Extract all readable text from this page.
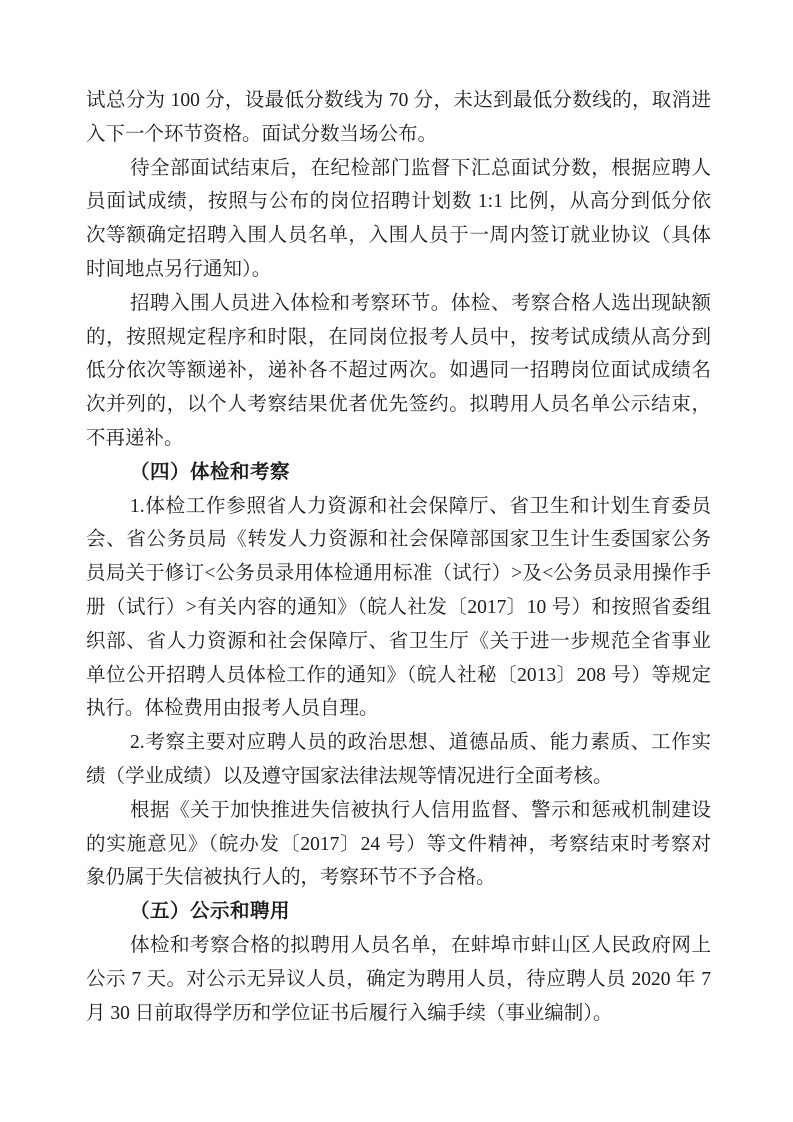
试总分为 100 分，设最低分数线为 70 分，未达到最低分数线的，取消进
入下一个环节资格。面试分数当场公布。
待全部面试结束后，在纪检部门监督下汇总面试分数，根据应聘人
员面试成绩，按照与公布的岗位招聘计划数 1:1 比例，从高分到低分依
次等额确定招聘入围人员名单，入围人员于一周内签订就业协议（具体
时间地点另行通知）。
招聘入围人员进入体检和考察环节。体检、考察合格人选出现缺额
的，按照规定程序和时限，在同岗位报考人员中，按考试成绩从高分到
低分依次等额递补，递补各不超过两次。如遇同一招聘岗位面试成绩名
次并列的，以个人考察结果优者优先签约。拟聘用人员名单公示结束，
不再递补。
（四）体检和考察
1.体检工作参照省人力资源和社会保障厅、省卫生和计划生育委员
会、省公务员局《转发人力资源和社会保障部国家卫生计生委国家公务
员局关于修订<公务员录用体检通用标准（试行）>及<公务员录用操作手
册（试行）>有关内容的通知》（皖人社发〔2017〕10 号）和按照省委组
织部、省人力资源和社会保障厅、省卫生厅《关于进一步规范全省事业
单位公开招聘人员体检工作的通知》（皖人社秘〔2013〕208 号）等规定
执行。体检费用由报考人员自理。
2.考察主要对应聘人员的政治思想、道德品质、能力素质、工作实
绩（学业成绩）以及遵守国家法律法规等情况进行全面考核。
根据《关于加快推进失信被执行人信用监督、警示和惩戒机制建设
的实施意见》（皖办发〔2017〕24 号）等文件精神，考察结束时考察对
象仍属于失信被执行人的，考察环节不予合格。
（五）公示和聘用
体检和考察合格的拟聘用人员名单，在蚌埠市蚌山区人民政府网上
公示 7 天。对公示无异议人员，确定为聘用人员，待应聘人员 2020 年 7
月 30 日前取得学历和学位证书后履行入编手续（事业编制）。
